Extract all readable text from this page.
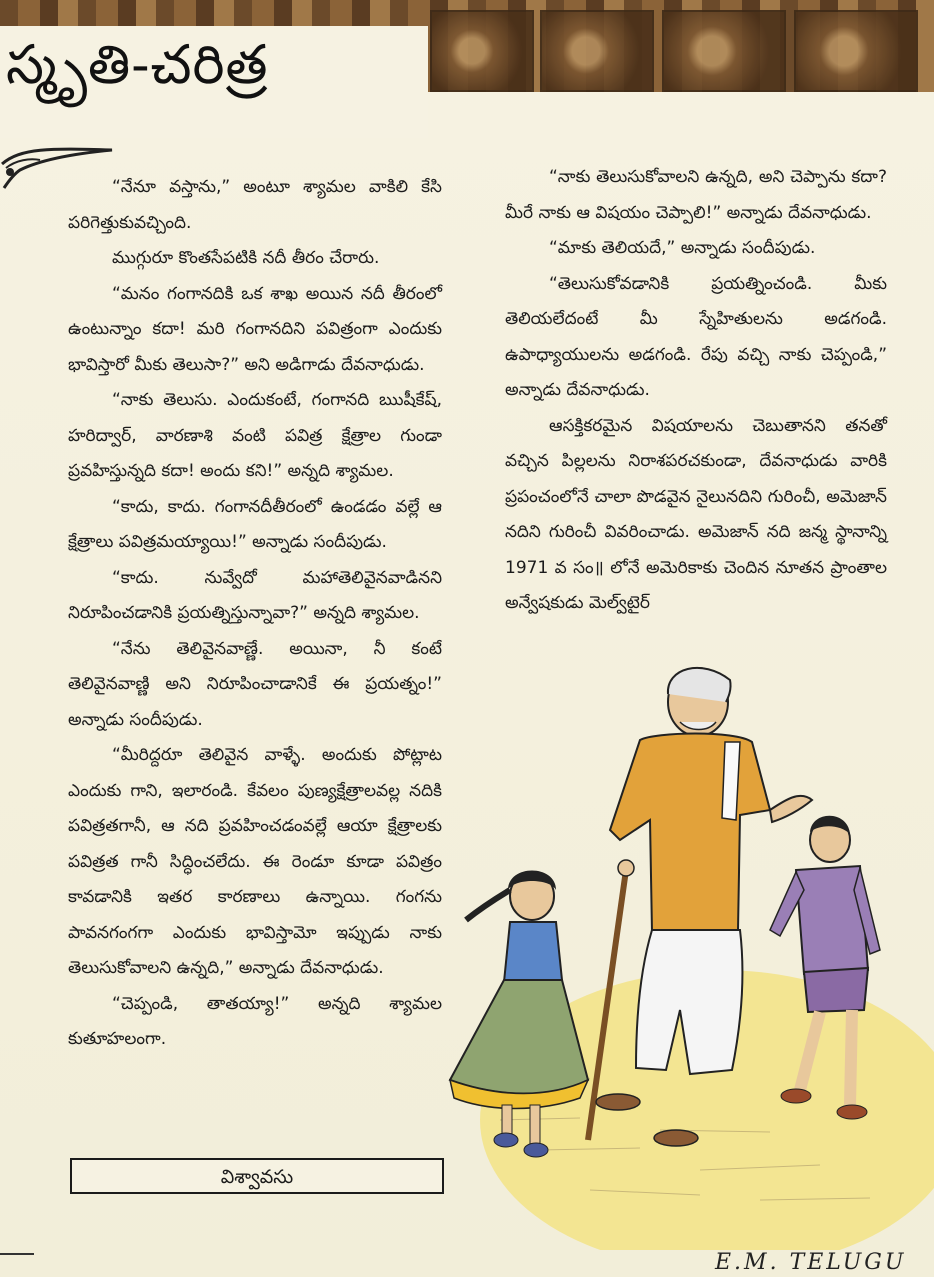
స్మృతి-చరిత్ర

“నేనూ వస్తాను,” అంటూ శ్యామల వాకిలి కేసి పరిగెత్తుకువచ్చింది.

ముగ్గురూ కొంతసేపటికి నదీ తీరం చేరారు.

“మనం గంగానదికి ఒక శాఖ అయిన నదీ తీరంలో ఉంటున్నాం కదా! మరి గంగానదిని పవిత్రంగా ఎందుకు భావిస్తారో మీకు తెలుసా?” అని అడిగాడు దేవనాధుడు.

“నాకు తెలుసు. ఎందుకంటే, గంగానది ఋషీకేష్, హరిద్వార్, వారణాశి వంటి పవిత్ర క్షేత్రాల గుండా ప్రవహిస్తున్నది కదా! అందు కని!” అన్నది శ్యామల.

“కాదు, కాదు. గంగానదీతీరంలో ఉండడం వల్లే ఆ క్షేత్రాలు పవిత్రమయ్యాయి!” అన్నాడు సందీపుడు.

“కాదు. నువ్వేదో మహాతెలివైనవాడినని నిరూపించడానికి ప్రయత్నిస్తున్నావా?” అన్నది శ్యామల.

“నేను తెలివైనవాణ్ణే. అయినా, నీ కంటే తెలివైనవాణ్ణి అని నిరూపించాడానికే ఈ ప్రయత్నం!” అన్నాడు సందీపుడు.

“మీరిద్దరూ తెలివైన వాళ్ళే. అందుకు పోట్లాట ఎందుకు గాని, ఇలారండి. కేవలం పుణ్యక్షేత్రాలవల్ల నదికి పవిత్రతగానీ, ఆ నది ప్రవహించడంవల్లే ఆయా క్షేత్రాలకు పవిత్రత గానీ సిద్ధించలేదు. ఈ రెండూ కూడా పవిత్రం కావడానికి ఇతర కారణాలు ఉన్నాయి. గంగను పావనగంగగా ఎందుకు భావిస్తామో ఇప్పుడు నాకు తెలుసుకోవాలని ఉన్నది,” అన్నాడు దేవనాధుడు.

“చెప్పండి, తాతయ్యా!” అన్నది శ్యామల కుతూహలంగా.

“నాకు తెలుసుకోవాలని ఉన్నది, అని చెప్పాను కదా? మీరే నాకు ఆ విషయం చెప్పాలి!” అన్నాడు దేవనాధుడు.

“మాకు తెలియదే,” అన్నాడు సందీపుడు.

“తెలుసుకోవడానికి ప్రయత్నించండి. మీకు తెలియలేదంటే మీ స్నేహితులను అడగండి. ఉపాధ్యాయులను అడగండి. రేపు వచ్చి నాకు చెప్పండి,” అన్నాడు దేవనాధుడు.

ఆసక్తికరమైన విషయాలను చెబుతానని తనతో వచ్చిన పిల్లలను నిరాశపరచకుండా, దేవనాధుడు వారికి ప్రపంచంలోనే చాలా పొడవైన నైలునదిని గురించీ, అమెజాన్ నదిని గురించీ వివరించాడు. అమెజాన్ నది జన్మ స్థానాన్ని 1971 వ సం॥ లోనే అమెరికాకు చెందిన నూతన ప్రాంతాల అన్వేషకుడు మెల్వ్‌టైర్

విశ్వావసు
E.M. TELUGU
